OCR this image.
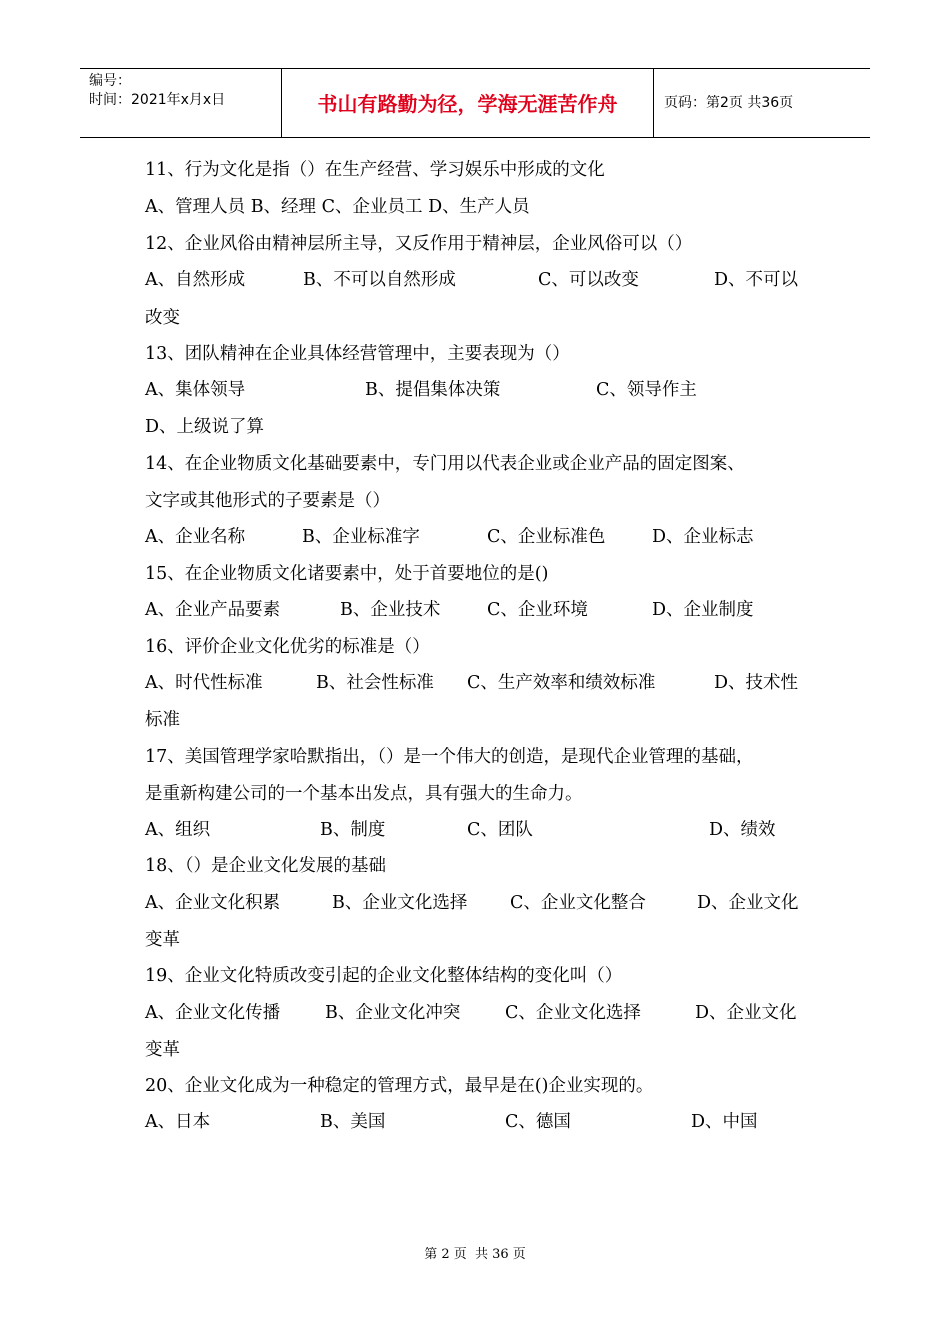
编号：
时间：2021年x月x日	书山有路勤为径，学海无涯苦作舟	页码：第2页 共36页
11、行为文化是指（）在生产经营、学习娱乐中形成的文化
A、管理人员 B、经理 C、企业员工 D、生产人员
12、企业风俗由精神层所主导，又反作用于精神层，企业风俗可以（）
A、自然形成	B、不可以自然形成	C、可以改变	D、不可以
改变
13、团队精神在企业具体经营管理中，主要表现为（）
A、集体领导	B、提倡集体决策	C、领导作主
D、上级说了算
14、在企业物质文化基础要素中，专门用以代表企业或企业产品的固定图案、
文字或其他形式的子要素是（）
A、企业名称	B、企业标准字	C、企业标准色	D、企业标志
15、在企业物质文化诸要素中，处于首要地位的是()
A、企业产品要素	B、企业技术	C、企业环境	D、企业制度
16、评价企业文化优劣的标准是（）
A、时代性标准	B、社会性标准 C、生产效率和绩效标准	D、技术性
标准
17、美国管理学家哈默指出，（）是一个伟大的创造，是现代企业管理的基础，
是重新构建公司的一个基本出发点，具有强大的生命力。
A、组织	B、制度	C、团队	D、绩效
18、（）是企业文化发展的基础
A、企业文化积累	B、企业文化选择 C、企业文化整合	D、企业文化
变革
19、企业文化特质改变引起的企业文化整体结构的变化叫（）
A、企业文化传播	B、企业文化冲突	C、企业文化选择	D、企业文化
变革
20、企业文化成为一种稳定的管理方式，最早是在()企业实现的。
A、日本	B、美国	C、德国	D、中国
第 2 页  共 36 页
